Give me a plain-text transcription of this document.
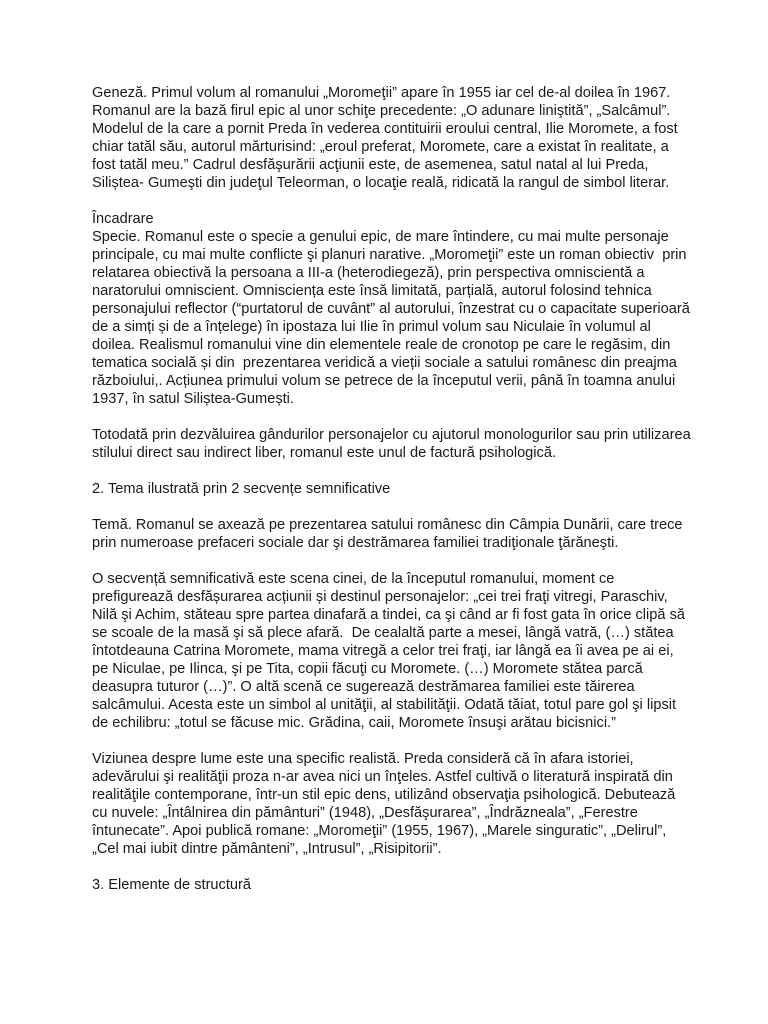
Geneză. Primul volum al romanului „Moromeţii” apare în 1955 iar cel de-al doilea în 1967. Romanul are la bază firul epic al unor schiţe precedente: „O adunare liniştită”, „Salcâmul”. Modelul de la care a pornit Preda în vederea contituirii eroului central, Ilie Moromete, a fost chiar tatăl său, autorul mărturisind: „eroul preferat, Moromete, care a existat în realitate, a fost tatăl meu.” Cadrul desfăşurării acţiunii este, de asemenea, satul natal al lui Preda, Siliștea- Gumeşti din judeţul Teleorman, o locaţie reală, ridicată la rangul de simbol literar.

Încadrare
Specie. Romanul este o specie a genului epic, de mare întindere, cu mai multe personaje principale, cu mai multe conflicte şi planuri narative. „Moromeţii” este un roman obiectiv  prin relatarea obiectivă la persoana a III-a (heterodiegeză), prin perspectiva omniscientă a naratorului omniscient. Omnisciența este însă limitată, parțială, autorul folosind tehnica personajului reflector (“purtatorul de cuvânt” al autorului, înzestrat cu o capacitate superioară de a simți și de a înțelege) în ipostaza lui Ilie în primul volum sau Niculaie în volumul al doilea. Realismul romanului vine din elementele reale de cronotop pe care le regăsim, din tematica socială și din  prezentarea veridică a vieții sociale a satului românesc din preajma războiului,. Acțiunea primului volum se petrece de la începutul verii, până în toamna anului 1937, în satul Siliștea-Gumești.

Totodată prin dezvăluirea gândurilor personajelor cu ajutorul monologurilor sau prin utilizarea stilului direct sau indirect liber, romanul este unul de factură psihologică.

2. Tema ilustrată prin 2 secvențe semnificative

Temă. Romanul se axează pe prezentarea satului românesc din Câmpia Dunării, care trece prin numeroase prefaceri sociale dar şi destrămarea familiei tradiţionale ţărăneşti.

O secvență semnificativă este scena cinei, de la începutul romanului, moment ce prefigurează desfășurarea acțiunii și destinul personajelor: „cei trei fraţi vitregi, Paraschiv, Nilă şi Achim, stăteau spre partea dinafară a tindei, ca şi când ar fi fost gata în orice clipă să se scoale de la masă şi să plece afară.  De cealaltă parte a mesei, lângă vatră, (…) stătea întotdeauna Catrina Moromete, mama vitregă a celor trei fraţi, iar lângă ea îi avea pe ai ei, pe Niculae, pe Ilinca, şi pe Tita, copii făcuţi cu Moromete. (…) Moromete stătea parcă deasupra tuturor (…)”. O altă scenă ce sugerează destrămarea familiei este tăirerea salcâmului. Acesta este un simbol al unităţii, al stabilităţii. Odată tăiat, totul pare gol şi lipsit de echilibru: „totul se făcuse mic. Grădina, caii, Moromete însuşi arătau bicisnici.”

Viziunea despre lume este una specific realistă. Preda consideră că în afara istoriei, adevărului şi realităţii proza n-ar avea nici un înţeles. Astfel cultivă o literatură inspirată din realităţile contemporane, într-un stil epic dens, utilizând observaţia psihologică. Debutează cu nuvele: „Întâlnirea din pământuri” (1948), „Desfăşurarea”, „Îndrăzneala”, „Ferestre întunecate”. Apoi publică romane: „Moromeţii” (1955, 1967), „Marele singuratic”, „Delirul”, „Cel mai iubit dintre pământeni”, „Intrusul”, „Risipitorii”.

3. Elemente de structură
